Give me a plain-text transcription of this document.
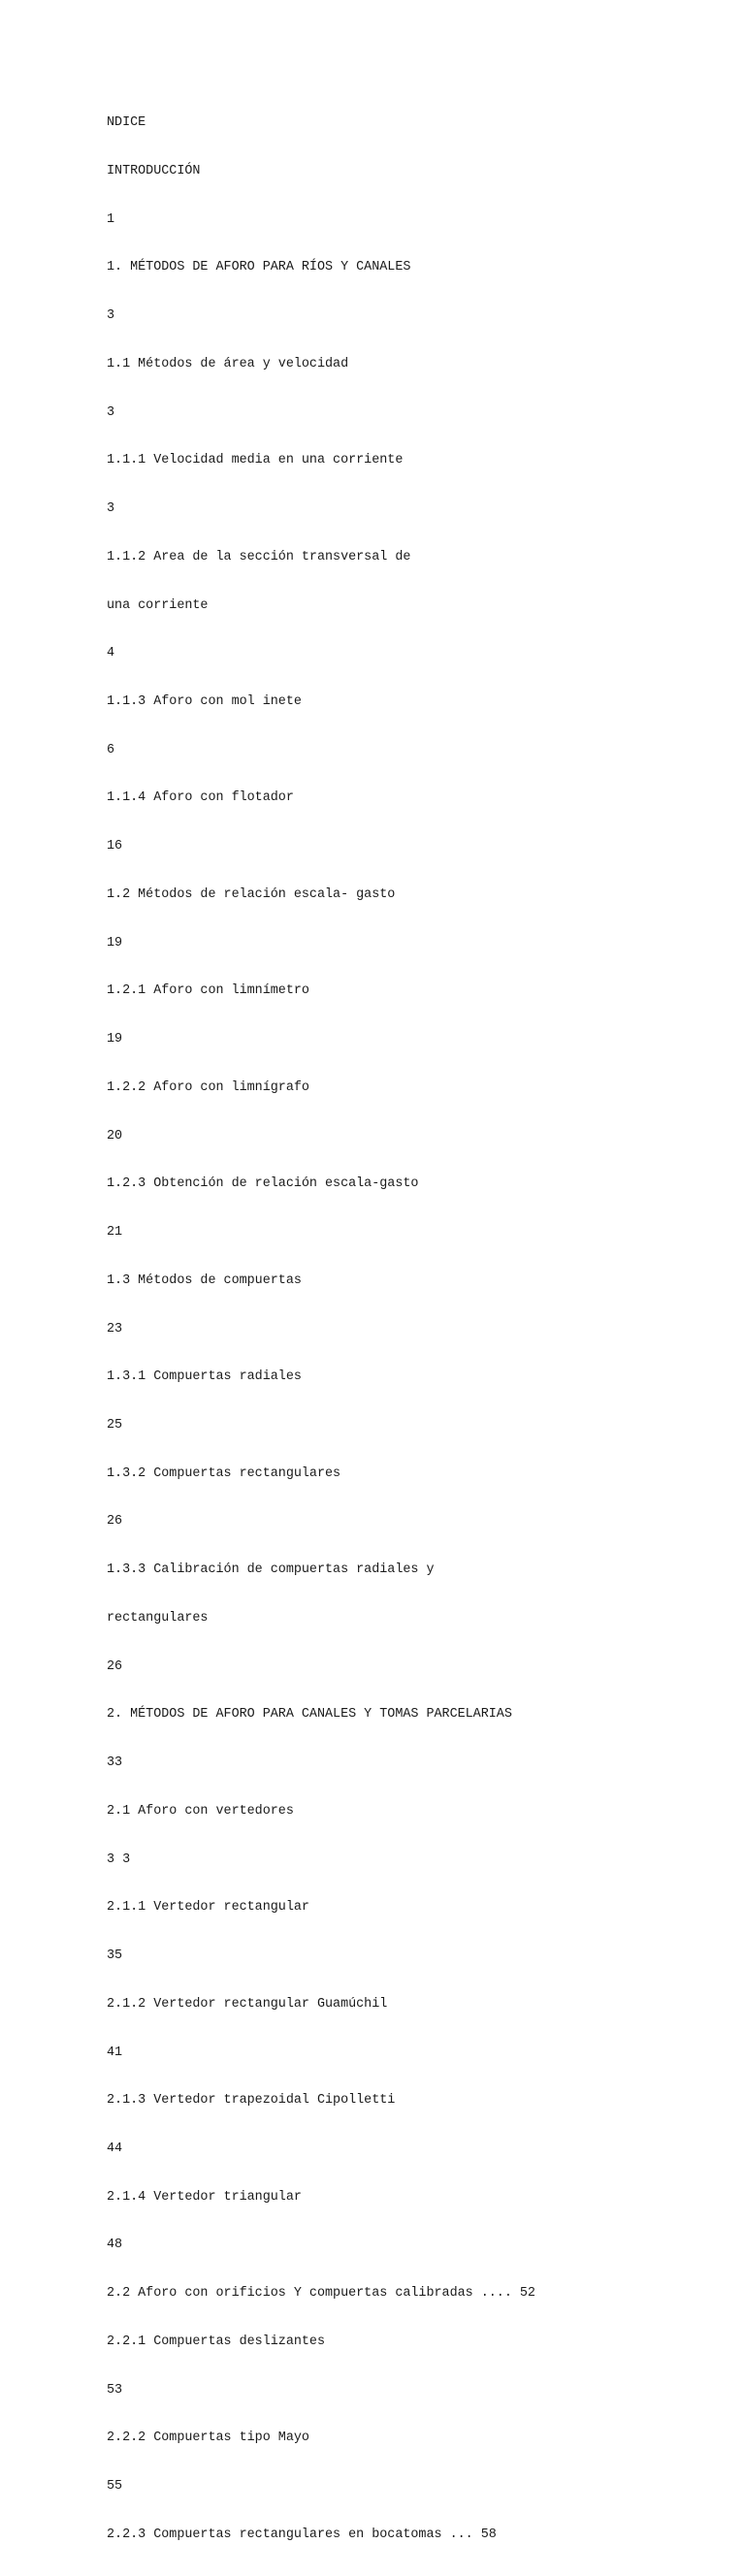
NDICE

INTRODUCCIÓN

1

1. MÉTODOS DE AFORO PARA RÍOS Y CANALES

3

1.1 Métodos de área y velocidad

3

1.1.1 Velocidad media en una corriente

3

1.1.2 Area de la sección transversal de

una corriente

4

1.1.3 Aforo con mol inete

6

1.1.4 Aforo con flotador

16

1.2 Métodos de relación escala- gasto

19

1.2.1 Aforo con limnímetro

19

1.2.2 Aforo con limnígrafo

20

1.2.3 Obtención de relación escala-gasto

21

1.3 Métodos de compuertas

23

1.3.1 Compuertas radiales

25

1.3.2 Compuertas rectangulares

26

1.3.3 Calibración de compuertas radiales y

rectangulares

26

2. MÉTODOS DE AFORO PARA CANALES Y TOMAS PARCELARIAS

33

2.1 Aforo con vertedores

3 3

2.1.1 Vertedor rectangular

35

2.1.2 Vertedor rectangular Guamúchil

41

2.1.3 Vertedor trapezoidal Cipolletti

44

2.1.4 Vertedor triangular

48

2.2 Aforo con orificios Y compuertas calibradas .... 52

2.2.1 Compuertas deslizantes

53

2.2.2 Compuertas tipo Mayo

55

2.2.3 Compuertas rectangulares en bocatomas ... 58
